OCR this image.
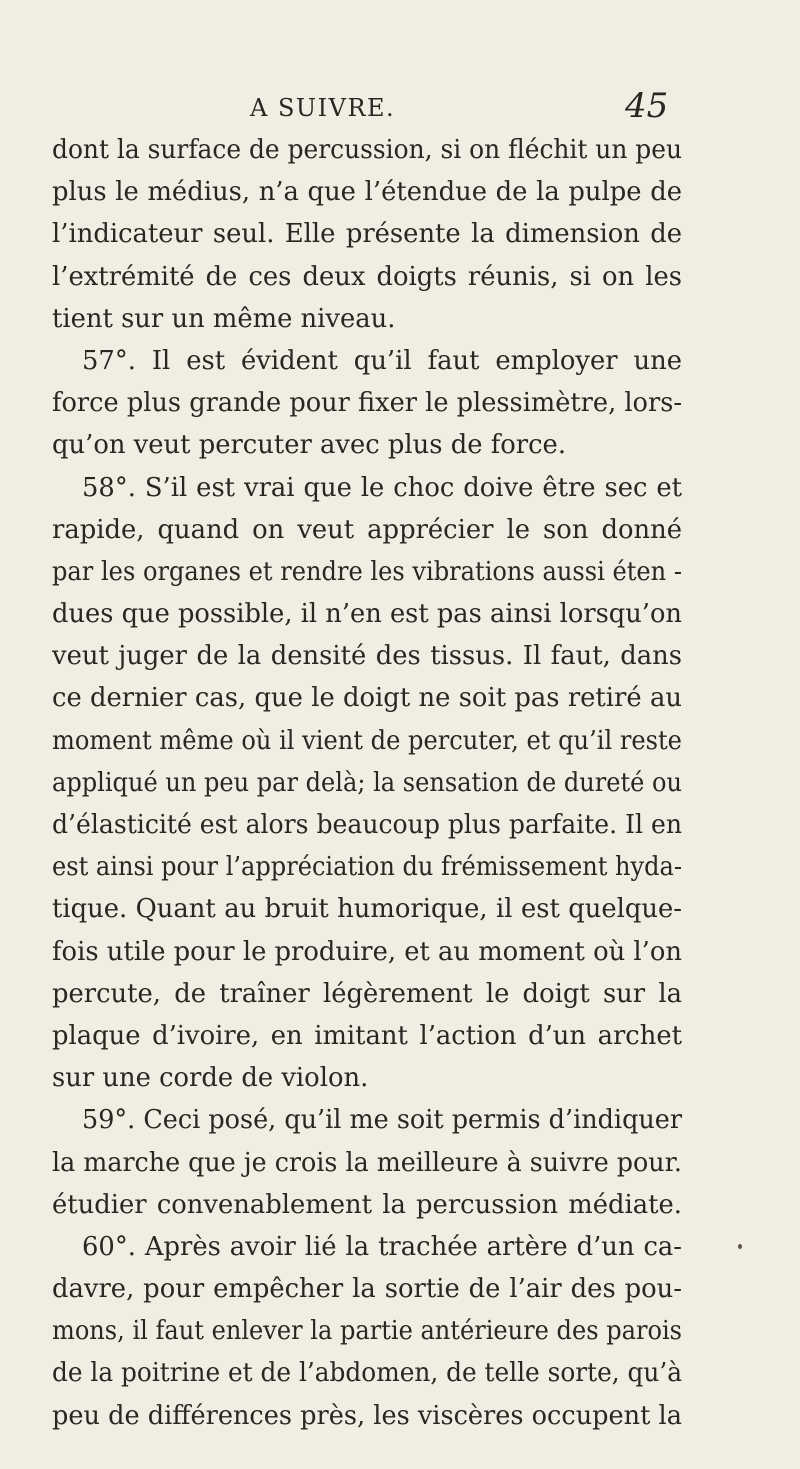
A SUIVRE.	45
dont la surface de percussion, si on fléchit un peu
plus le médius, n’a que l’étendue de la pulpe de
l’indicateur seul. Elle présente la dimension de
l’extrémité de ces deux doigts réunis, si on les
tient sur un même niveau.
57°. Il est évident qu’il faut employer une
force plus grande pour fixer le plessimètre, lors-
qu’on veut percuter avec plus de force.
58°. S’il est vrai que le choc doive être sec et
rapide, quand on veut apprécier le son donné
par les organes et rendre les vibrations aussi éten -
dues que possible, il n’en est pas ainsi lorsqu’on
veut juger de la densité des tissus. Il faut, dans
ce dernier cas, que le doigt ne soit pas retiré au
moment même où il vient de percuter, et qu’il reste
appliqué un peu par delà; la sensation de dureté ou
d’élasticité est alors beaucoup plus parfaite. Il en
est ainsi pour l’appréciation du frémissement hyda-
tique. Quant au bruit humorique, il est quelque-
fois utile pour le produire, et au moment où l’on
percute, de traîner légèrement le doigt sur la
plaque d’ivoire, en imitant l’action d’un archet
sur une corde de violon.
59°. Ceci posé, qu’il me soit permis d’indiquer
la marche que je crois la meilleure à suivre pour.
étudier convenablement la percussion médiate.
60°. Après avoir lié la trachée artère d’un ca-
davre, pour empêcher la sortie de l’air des pou-
mons, il faut enlever la partie antérieure des parois
de la poitrine et de l’abdomen, de telle sorte, qu’à
peu de différences près, les viscères occupent la
